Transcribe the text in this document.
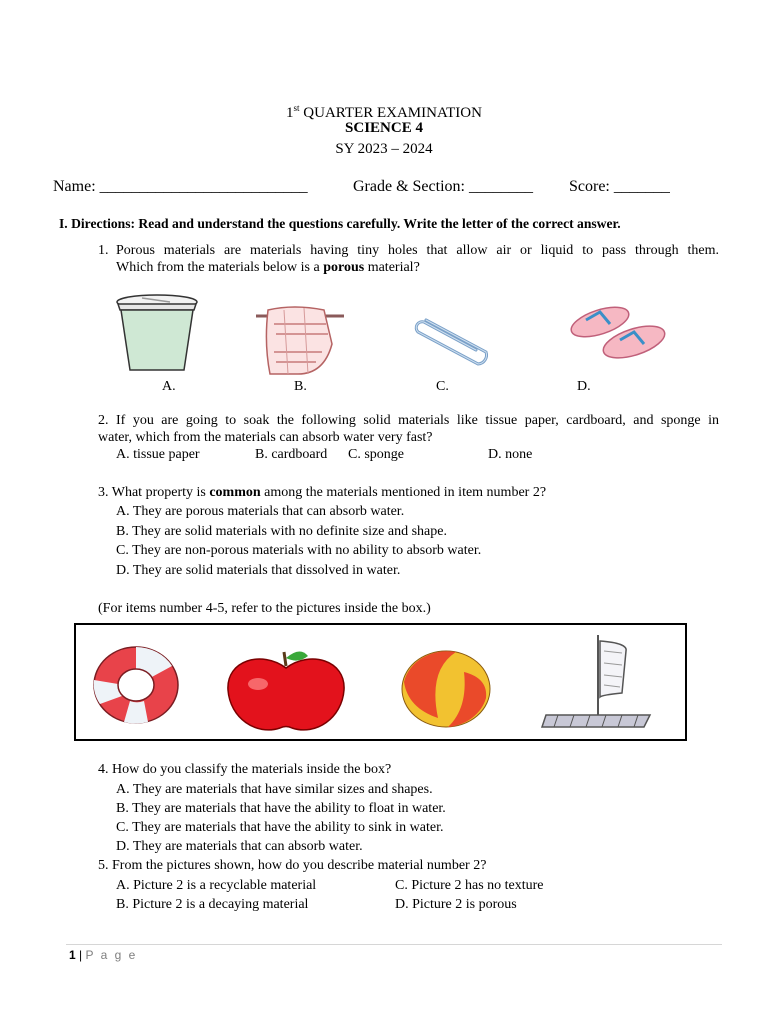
1st QUARTER EXAMINATION
SCIENCE 4
SY 2023 – 2024
Name: __________________________	Grade & Section: ________ Score: _______
I. Directions: Read and understand the questions carefully. Write the letter of the correct answer.
1. Porous materials are materials having tiny holes that allow air or liquid to pass through them.
Which from the materials below is a porous material?
A.	B.	C.	D.
2. If you are going to soak the following solid materials like tissue paper, cardboard, and sponge in
water, which from the materials can absorb water very fast?
A. tissue paper	B. cardboard C. sponge	D. none
3. What property is common among the materials mentioned in item number 2?
A. They are porous materials that can absorb water.
B. They are solid materials with no definite size and shape.
C. They are non-porous materials with no ability to absorb water.
D. They are solid materials that dissolved in water.
(For items number 4-5, refer to the pictures inside the box.)
4. How do you classify the materials inside the box?
A. They are materials that have similar sizes and shapes.
B. They are materials that have the ability to float in water.
C. They are materials that have the ability to sink in water.
D. They are materials that can absorb water.
5. From the pictures shown, how do you describe material number 2?
A. Picture 2 is a recyclable material	C. Picture 2 has no texture
B. Picture 2 is a decaying material	D. Picture 2 is porous
1 | P a g e
